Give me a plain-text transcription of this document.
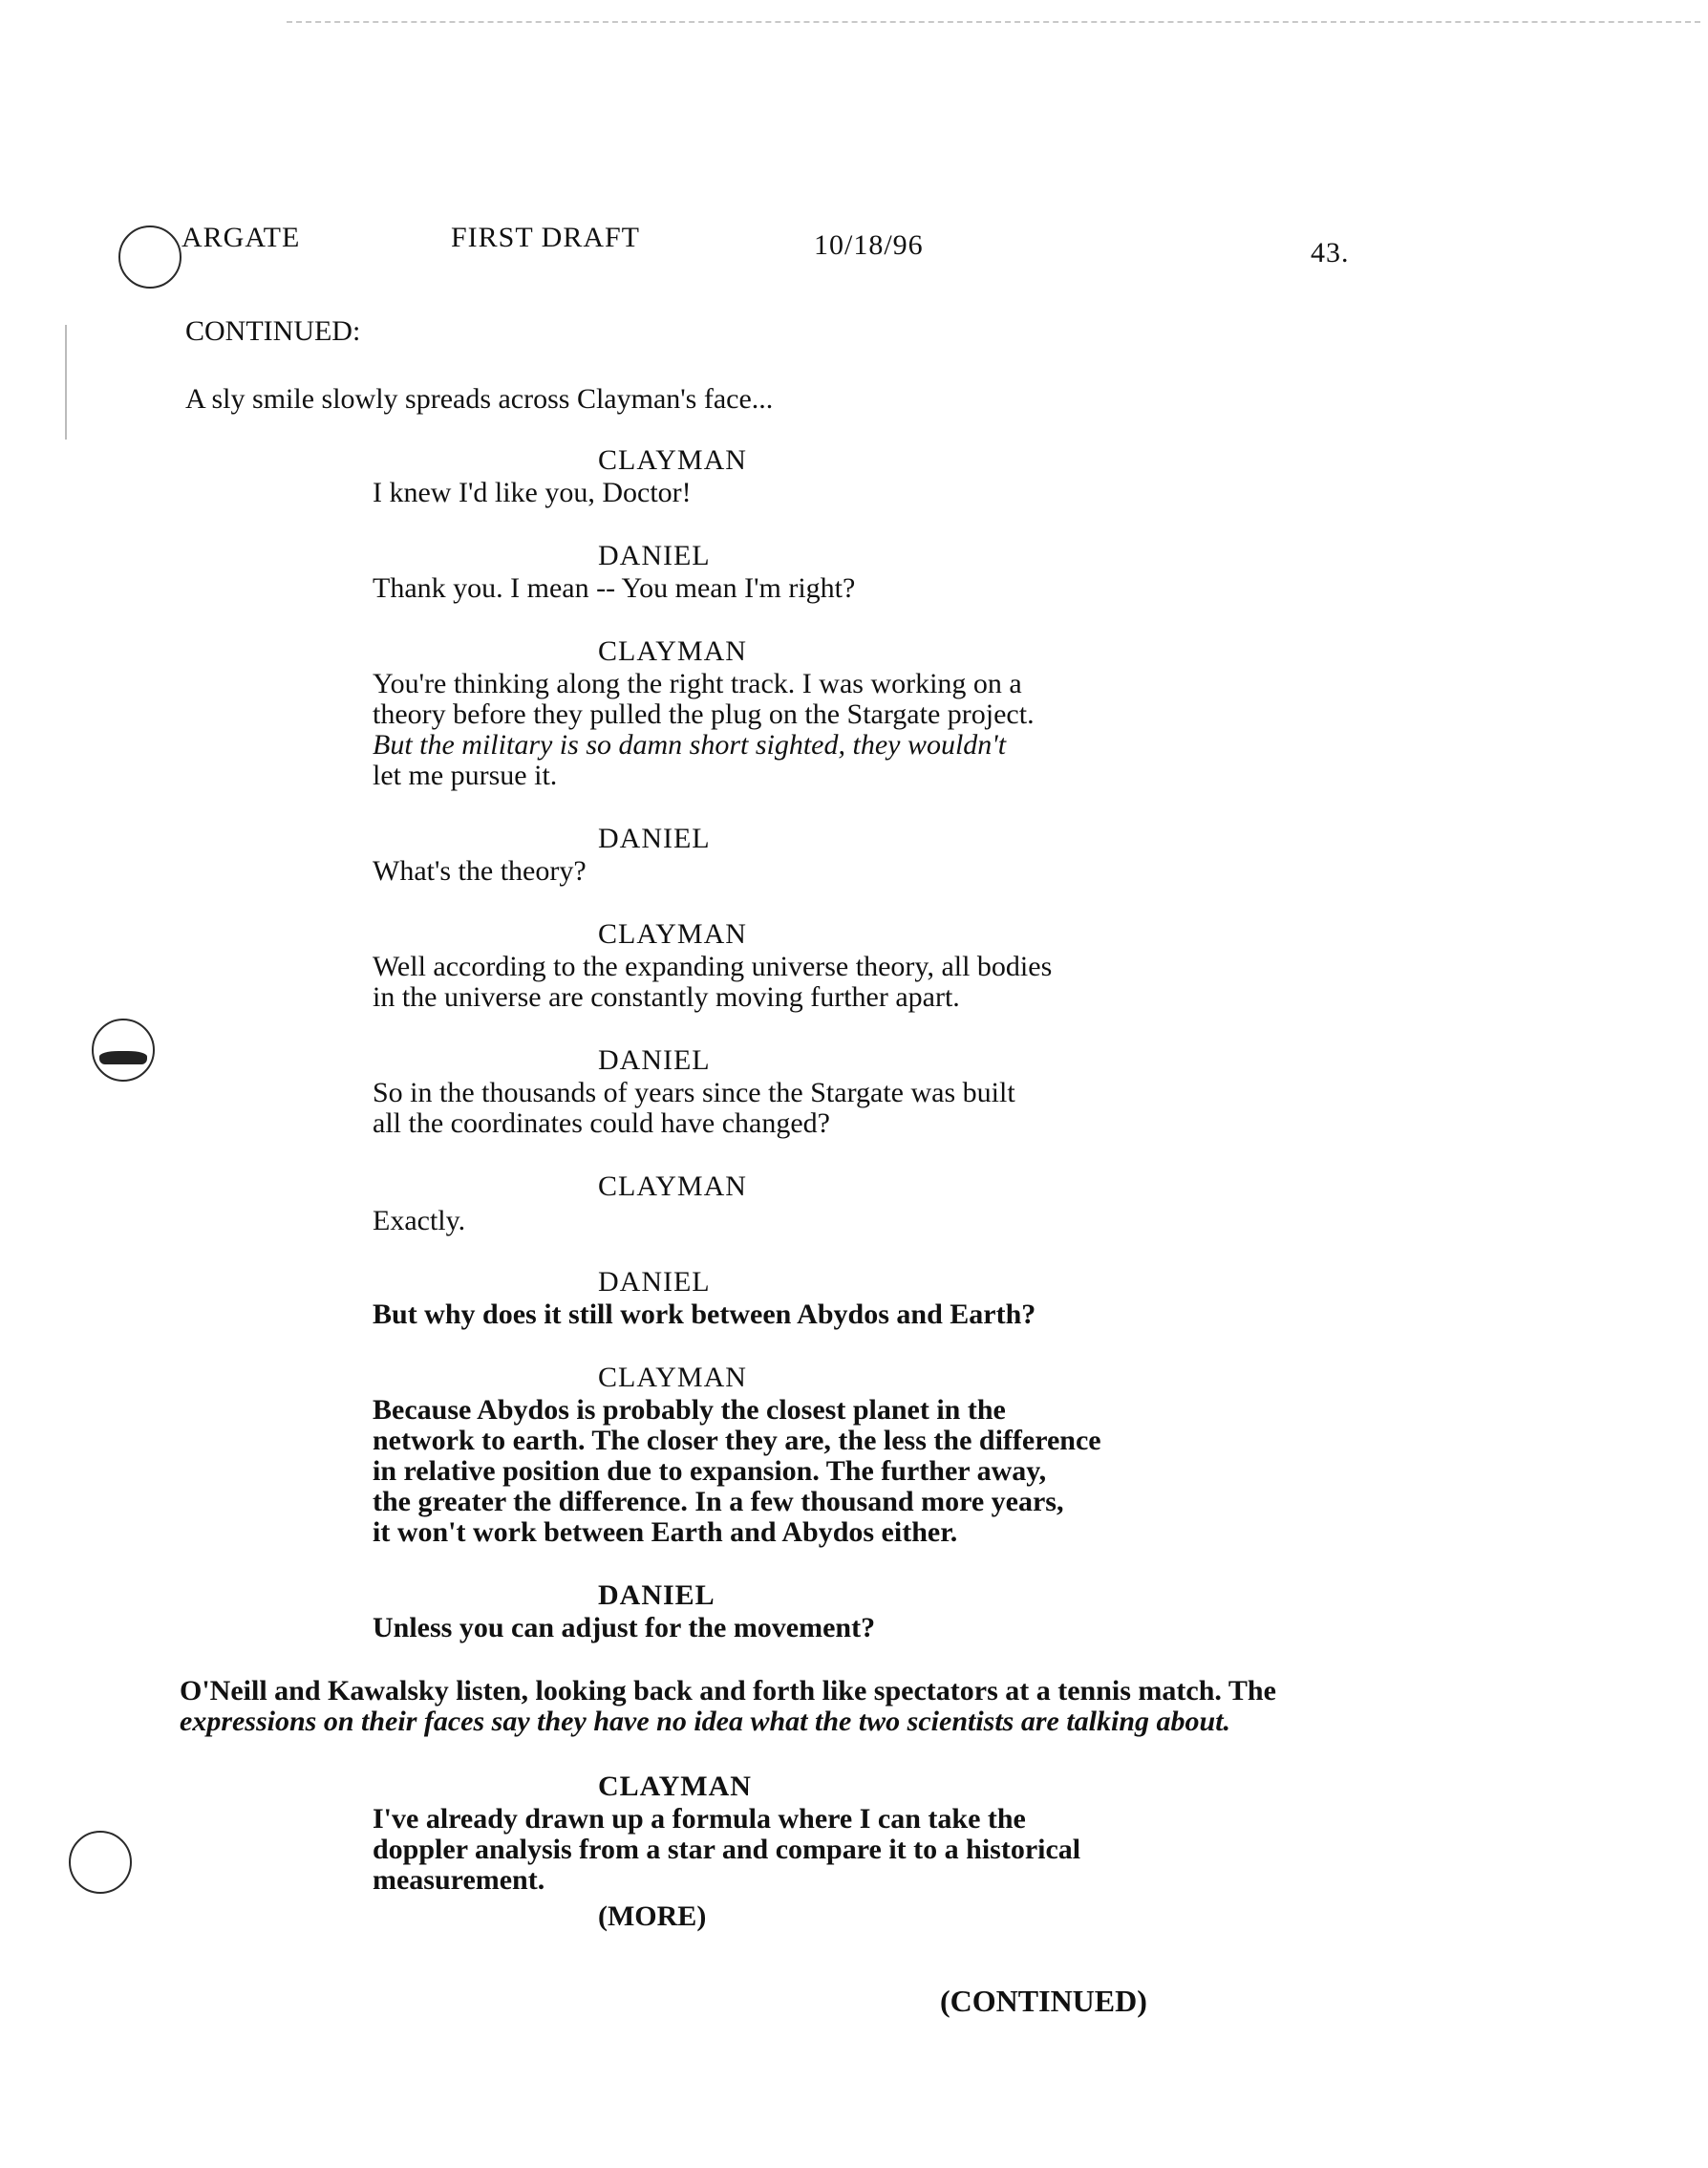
ARGATE	FIRST DRAFT	10/18/96	43.
CONTINUED:
A sly smile slowly spreads across Clayman's face...
CLAYMAN
I knew I'd like you, Doctor!
DANIEL
Thank you. I mean -- You mean I'm right?
CLAYMAN
You're thinking along the right track. I was working on a
theory before they pulled the plug on the Stargate project.
But the military is so damn short sighted, they wouldn't
let me pursue it.
DANIEL
What's the theory?
CLAYMAN
Well according to the expanding universe theory, all bodies
in the universe are constantly moving further apart.
DANIEL
So in the thousands of years since the Stargate was built
all the coordinates could have changed?
CLAYMAN
Exactly.
DANIEL
But why does it still work between Abydos and Earth?
CLAYMAN
Because Abydos is probably the closest planet in the
network to earth. The closer they are, the less the difference
in relative position due to expansion. The further away,
the greater the difference. In a few thousand more years,
it won't work between Earth and Abydos either.
DANIEL
Unless you can adjust for the movement?
O'Neill and Kawalsky listen, looking back and forth like spectators at a tennis match. The
expressions on their faces say they have no idea what the two scientists are talking about.
CLAYMAN
I've already drawn up a formula where I can take the
doppler analysis from a star and compare it to a historical
measurement.
(MORE)
(CONTINUED)
